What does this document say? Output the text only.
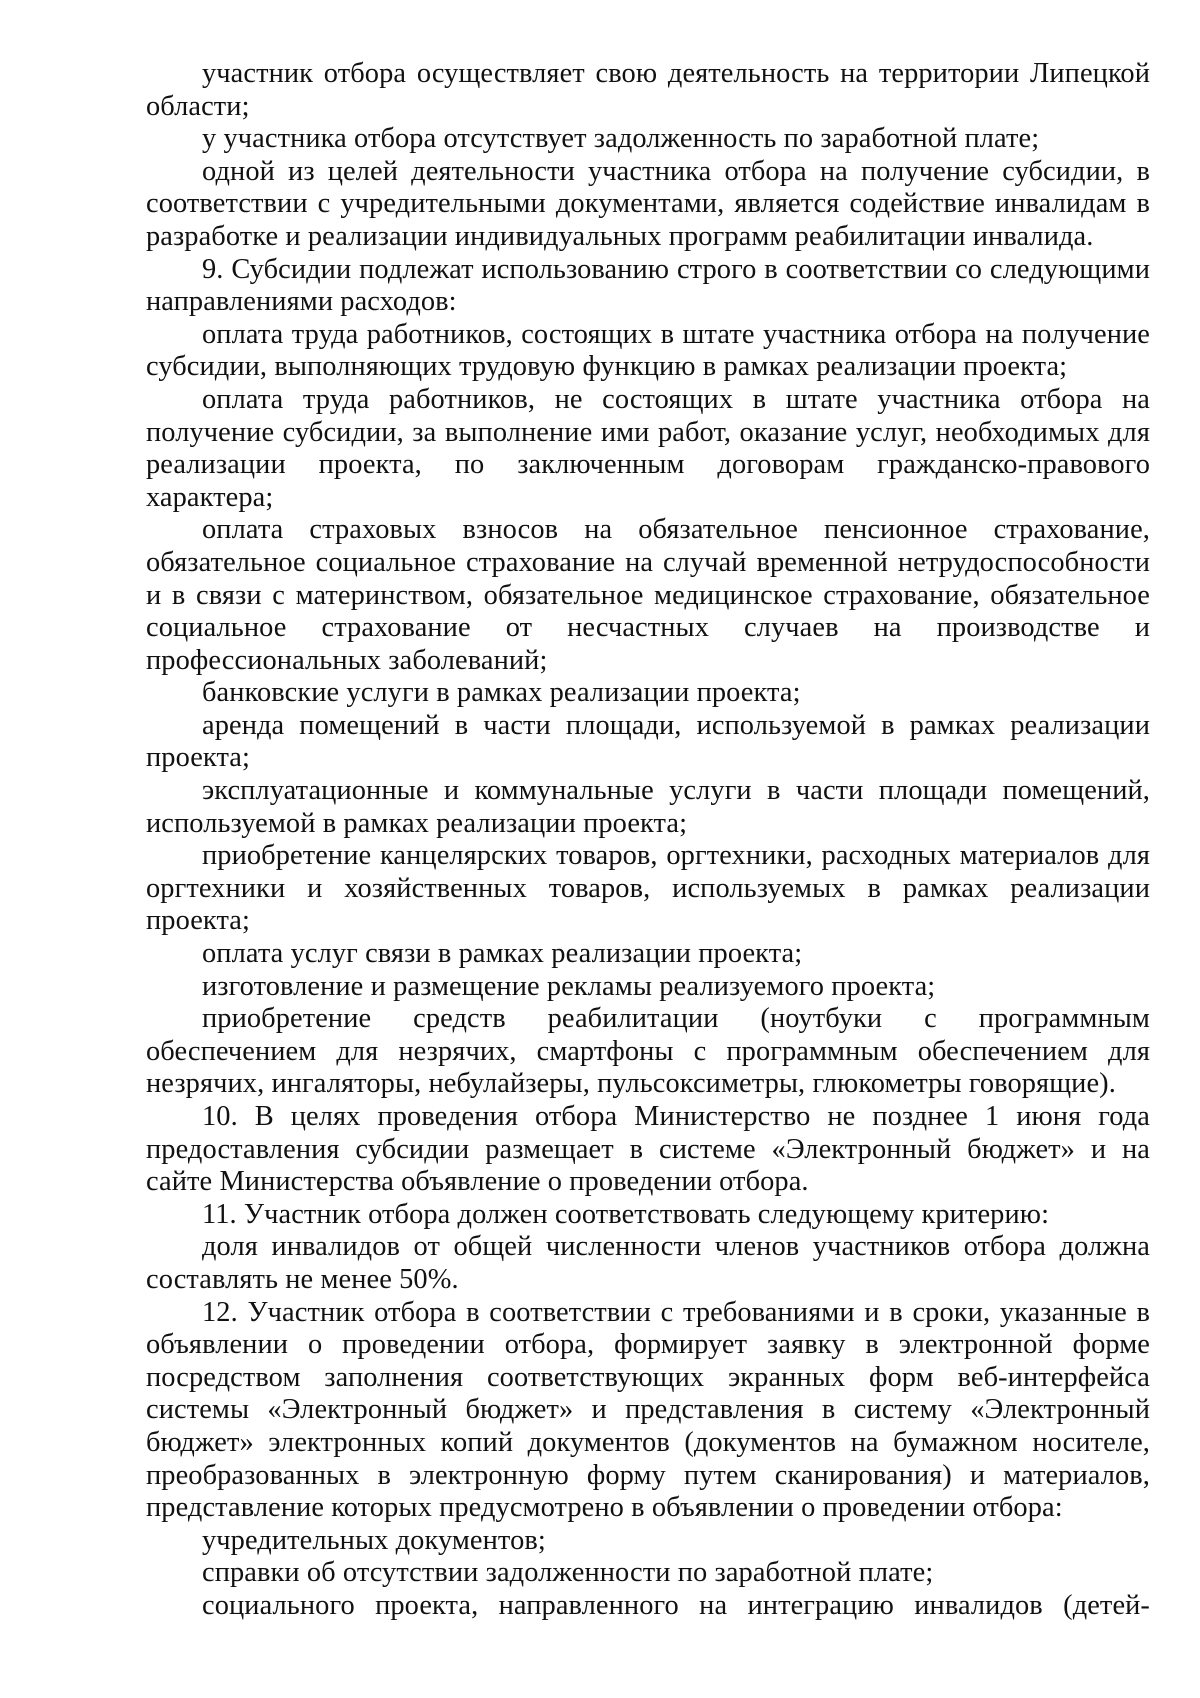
участник отбора осуществляет свою деятельность на территории Липецкой области;

у участника отбора отсутствует задолженность по заработной плате;

одной из целей деятельности участника отбора на получение субсидии, в соответствии с учредительными документами, является содействие инвалидам в разработке и реализации индивидуальных программ реабилитации инвалида.

9. Субсидии подлежат использованию строго в соответствии со следующими направлениями расходов:

оплата труда работников, состоящих в штате участника отбора на получение субсидии, выполняющих трудовую функцию в рамках реализации проекта;

оплата труда работников, не состоящих в штате участника отбора на получение субсидии, за выполнение ими работ, оказание услуг, необходимых для реализации проекта, по заключенным договорам гражданско-правового характера;

оплата страховых взносов на обязательное пенсионное страхование, обязательное социальное страхование на случай временной нетрудоспособности и в связи с материнством, обязательное медицинское страхование, обязательное социальное страхование от несчастных случаев на производстве и профессиональных заболеваний;

банковские услуги в рамках реализации проекта;

аренда помещений в части площади, используемой в рамках реализации проекта;

эксплуатационные и коммунальные услуги в части площади помещений, используемой в рамках реализации проекта;

приобретение канцелярских товаров, оргтехники, расходных материалов для оргтехники и хозяйственных товаров, используемых в рамках реализации проекта;

оплата услуг связи в рамках реализации проекта;

изготовление и размещение рекламы реализуемого проекта;

приобретение средств реабилитации (ноутбуки с программным обеспечением для незрячих, смартфоны с программным обеспечением для незрячих, ингаляторы, небулайзеры, пульсоксиметры, глюкометры говорящие).

10. В целях проведения отбора Министерство не позднее 1 июня года предоставления субсидии размещает в системе «Электронный бюджет» и на сайте Министерства объявление о проведении отбора.

11. Участник отбора должен соответствовать следующему критерию:

доля инвалидов от общей численности членов участников отбора должна составлять не менее 50%.

12. Участник отбора в соответствии с требованиями и в сроки, указанные в объявлении о проведении отбора, формирует заявку в электронной форме посредством заполнения соответствующих экранных форм веб-интерфейса системы «Электронный бюджет» и представления в систему «Электронный бюджет» электронных копий документов (документов на бумажном носителе, преобразованных в электронную форму путем сканирования) и материалов, представление которых предусмотрено в объявлении о проведении отбора:

учредительных документов;

справки об отсутствии задолженности по заработной плате;

социального проекта, направленного на интеграцию инвалидов (детей-
